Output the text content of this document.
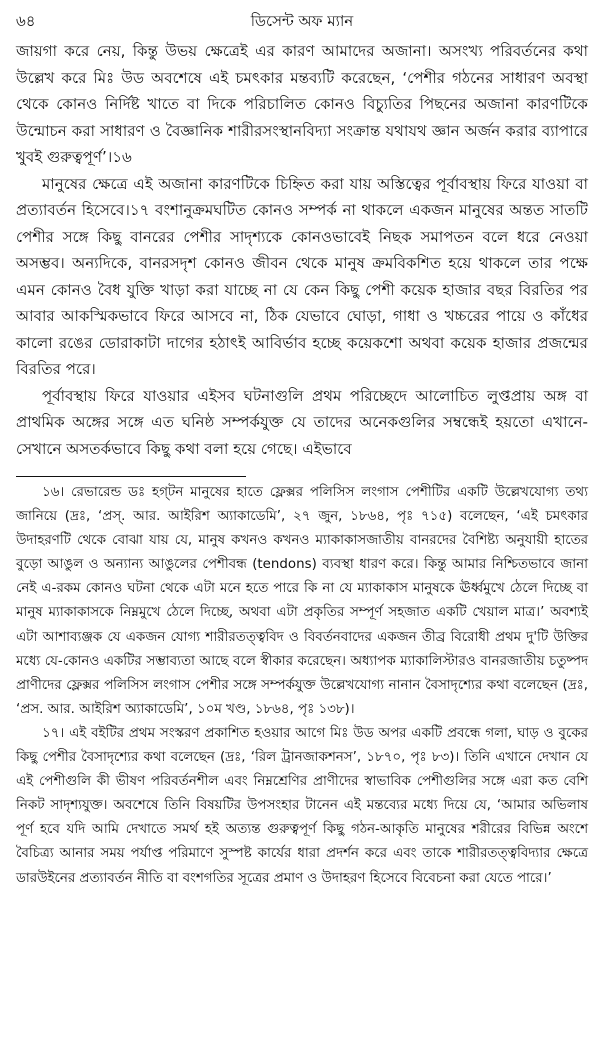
৬৪	ডিসেন্ট অফ ম্যান

জায়গা করে নেয়, কিন্তু উভয় ক্ষেত্রেই এর কারণ আমাদের অজানা। অসংখ্য পরিবর্তনের কথা উল্লেখ করে মিঃ উড অবশেষে এই চমৎকার মন্তব্যটি করেছেন, ‘পেশীর গঠনের সাধারণ অবস্থা থেকে কোনও নির্দিষ্ট খাতে বা দিকে পরিচালিত কোনও বিচ্যুতির পিছনের অজানা কারণটিকে উন্মোচন করা সাধারণ ও বৈজ্ঞানিক শারীরসংস্থানবিদ্যা সংক্রান্ত যথাযথ জ্ঞান অর্জন করার ব্যাপারে খুবই গুরুত্বপূর্ণ’।১৬

মানুষের ক্ষেত্রে এই অজানা কারণটিকে চিহ্নিত করা যায় অস্তিত্বের পূর্বাবস্থায় ফিরে যাওয়া বা প্রত্যাবর্তন হিসেবে।১৭ বংশানুক্রমঘটিত কোনও সম্পর্ক না থাকলে একজন মানুষের অন্তত সাতটি পেশীর সঙ্গে কিছু বানরের পেশীর সাদৃশ্যকে কোনওভাবেই নিছক সমাপতন বলে ধরে নেওয়া অসম্ভব। অন্যদিকে, বানরসদৃশ কোনও জীবন থেকে মানুষ ক্রমবিকশিত হয়ে থাকলে তার পক্ষে এমন কোনও বৈধ যুক্তি খাড়া করা যাচ্ছে না যে কেন কিছু পেশী কয়েক হাজার বছর বিরতির পর আবার আকস্মিকভাবে ফিরে আসবে না, ঠিক যেভাবে ঘোড়া, গাধা ও খচ্চরের পায়ে ও কাঁধের কালো রঙের ডোরাকাটা দাগের হঠাৎই আবির্ভাব হচ্ছে কয়েকশো অথবা কয়েক হাজার প্রজন্মের বিরতির পরে।

পূর্বাবস্থায় ফিরে যাওয়ার এইসব ঘটনাগুলি প্রথম পরিচ্ছেদে আলোচিত লুপ্তপ্রায় অঙ্গ বা প্রাথমিক অঙ্গের সঙ্গে এত ঘনিষ্ঠ সম্পর্কযুক্ত যে তাদের অনেকগুলির সম্বন্ধেই হয়তো এখানে-সেখানে অসতর্কভাবে কিছু কথা বলা হয়ে গেছে। এইভাবে

১৬। রেভারেন্ড ডঃ হগ্‌টন মানুষের হাতে ফ্লেক্সর পলিসিস লংগাস পেশীটির একটি উল্লেখযোগ্য তথ্য জানিয়ে (দ্রঃ, ‘প্রস্. আর. আইরিশ অ্যাকাডেমি’, ২৭ জুন, ১৮৬৪, পৃঃ ৭১৫) বলেছেন, ‘এই চমৎকার উদাহরণটি থেকে বোঝা যায় যে, মানুষ কখনও কখনও ম্যাকাকাসজাতীয় বানরদের বৈশিষ্ট্য অনুযায়ী হাতের বুড়ো আঙুল ও অন্যান্য আঙুলের পেশীবন্ধ (tendons) ব্যবস্থা ধারণ করে। কিন্তু আমার নিশ্চিতভাবে জানা নেই এ-রকম কোনও ঘটনা থেকে এটা মনে হতে পারে কি না যে ম্যাকাকাস মানুষকে ঊর্ধ্বমুখে ঠেলে দিচ্ছে বা মানুষ ম্যাকাকাসকে নিম্নমুখে ঠেলে দিচ্ছে, অথবা এটা প্রকৃতির সম্পূর্ণ সহজাত একটি খেয়াল মাত্র।’ অবশ্যই এটা আশাব্যঞ্জক যে একজন যোগ্য শারীরতত্ত্ববিদ ও বিবর্তনবাদের একজন তীব্র বিরোধী প্রথম দু'টি উক্তির মধ্যে যে-কোনও একটির সম্ভাব্যতা আছে বলে স্বীকার করেছেন। অধ্যাপক ম্যাকালিস্টারও বানরজাতীয় চতুষ্পদ প্রাণীদের ফ্লেক্সর পলিসিস লংগাস পেশীর সঙ্গে সম্পর্কযুক্ত উল্লেখযোগ্য নানান বৈসাদৃশ্যের কথা বলেছেন (দ্রঃ, ‘প্রস. আর. আইরিশ অ্যাকাডেমি’, ১০ম খণ্ড, ১৮৬৪, পৃঃ ১৩৮)।

১৭। এই বইটির প্রথম সংস্করণ প্রকাশিত হওয়ার আগে মিঃ উড অপর একটি প্রবন্ধে গলা, ঘাড় ও বুকের কিছু পেশীর বৈসাদৃশ্যের কথা বলেছেন (দ্রঃ, ‘রিল ট্রানজাকশনস’, ১৮৭০, পৃঃ ৮৩)। তিনি এখানে দেখান যে এই পেশীগুলি কী ভীষণ পরিবর্তনশীল এবং নিম্নশ্রেণির প্রাণীদের স্বাভাবিক পেশীগুলির সঙ্গে এরা কত বেশি নিকট সাদৃশ্যযুক্ত। অবশেষে তিনি বিষয়টির উপসংহার টানেন এই মন্তব্যের মধ্যে দিয়ে যে, ‘আমার অভিলাষ পূর্ণ হবে যদি আমি দেখাতে সমর্থ হই অত্যন্ত গুরুত্বপূর্ণ কিছু গঠন-আকৃতি মানুষের শরীরের বিভিন্ন অংশে বৈচিত্র্য আনার সময় পর্যাপ্ত পরিমাণে সুস্পষ্ট কার্যের ধারা প্রদর্শন করে এবং তাকে শারীরতত্ত্ববিদ্যার ক্ষেত্রে ডারউইনের প্রত্যাবর্তন নীতি বা বংশগতির সূত্রের প্রমাণ ও উদাহরণ হিসেবে বিবেচনা করা যেতে পারে।’
